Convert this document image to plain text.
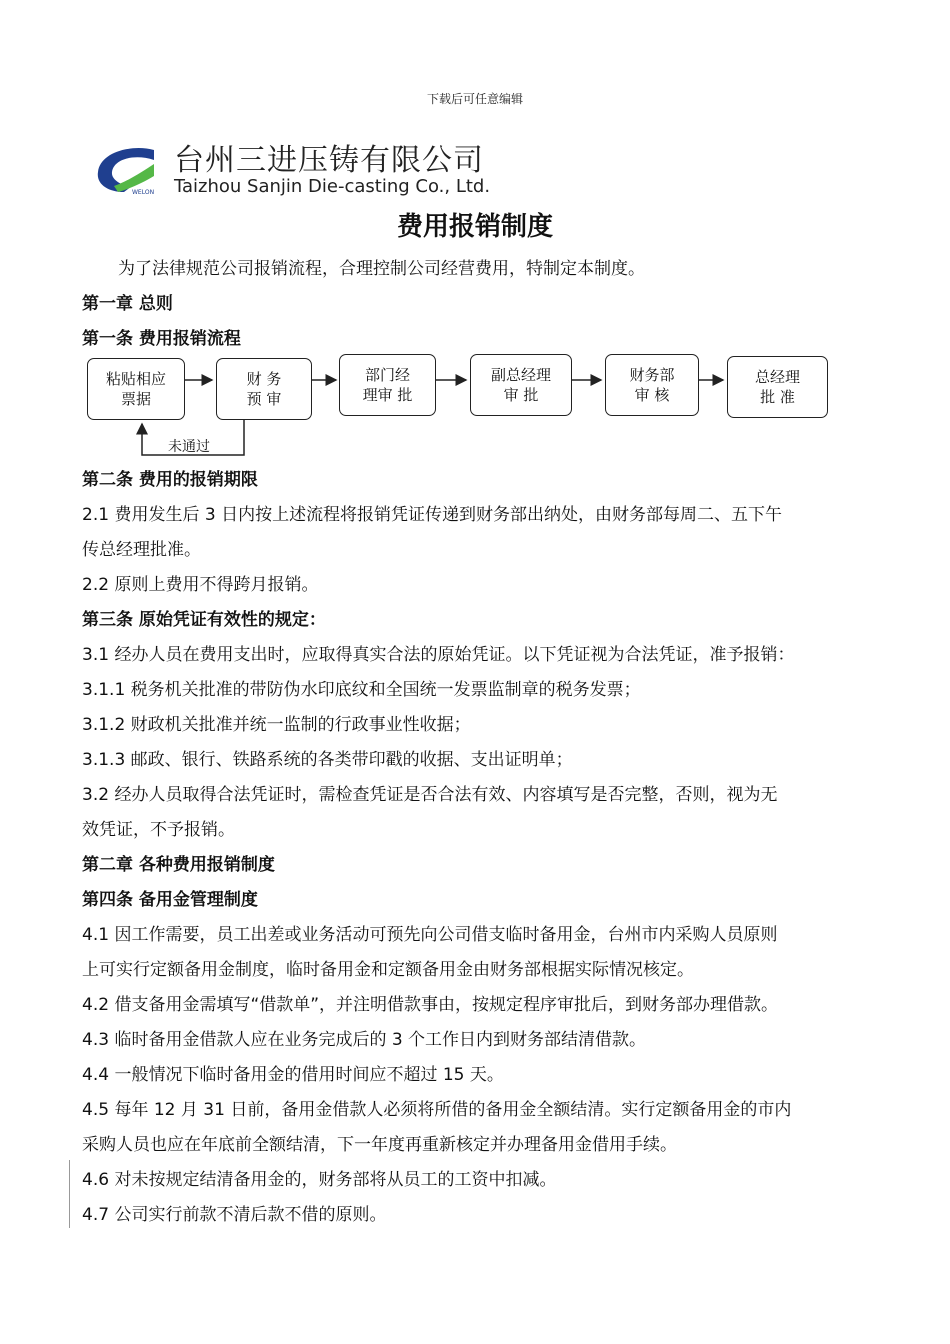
下载后可任意编辑
WELON
台州三进压铸有限公司
Taizhou Sanjin Die-casting Co., Ltd.
费用报销制度
为了法律规范公司报销流程，合理控制公司经营费用，特制定本制度。
第一章 总则
第一条 费用报销流程
粘贴相应
票据
财 务
预 审
部门经
理审 批
副总经理
审 批
财务部
审 核
总经理
批 准
未通过
第二条 费用的报销期限
2.1 费用发生后 3 日内按上述流程将报销凭证传递到财务部出纳处，由财务部每周二、五下午
传总经理批准。
2.2 原则上费用不得跨月报销。
第三条 原始凭证有效性的规定：
3.1 经办人员在费用支出时，应取得真实合法的原始凭证。以下凭证视为合法凭证，准予报销：
3.1.1 税务机关批准的带防伪水印底纹和全国统一发票监制章的税务发票；
3.1.2 财政机关批准并统一监制的行政事业性收据；
3.1.3 邮政、银行、铁路系统的各类带印戳的收据、支出证明单；
3.2 经办人员取得合法凭证时，需检查凭证是否合法有效、内容填写是否完整，否则，视为无
效凭证，不予报销。
第二章 各种费用报销制度
第四条 备用金管理制度
4.1 因工作需要，员工出差或业务活动可预先向公司借支临时备用金，台州市内采购人员原则
上可实行定额备用金制度，临时备用金和定额备用金由财务部根据实际情况核定。
4.2 借支备用金需填写“借款单”，并注明借款事由，按规定程序审批后，到财务部办理借款。
4.3 临时备用金借款人应在业务完成后的 3 个工作日内到财务部结清借款。
4.4 一般情况下临时备用金的借用时间应不超过 15 天。
4.5 每年 12 月 31 日前，备用金借款人必须将所借的备用金全额结清。实行定额备用金的市内
采购人员也应在年底前全额结清，下一年度再重新核定并办理备用金借用手续。
4.6 对未按规定结清备用金的，财务部将从员工的工资中扣减。
4.7 公司实行前款不清后款不借的原则。
